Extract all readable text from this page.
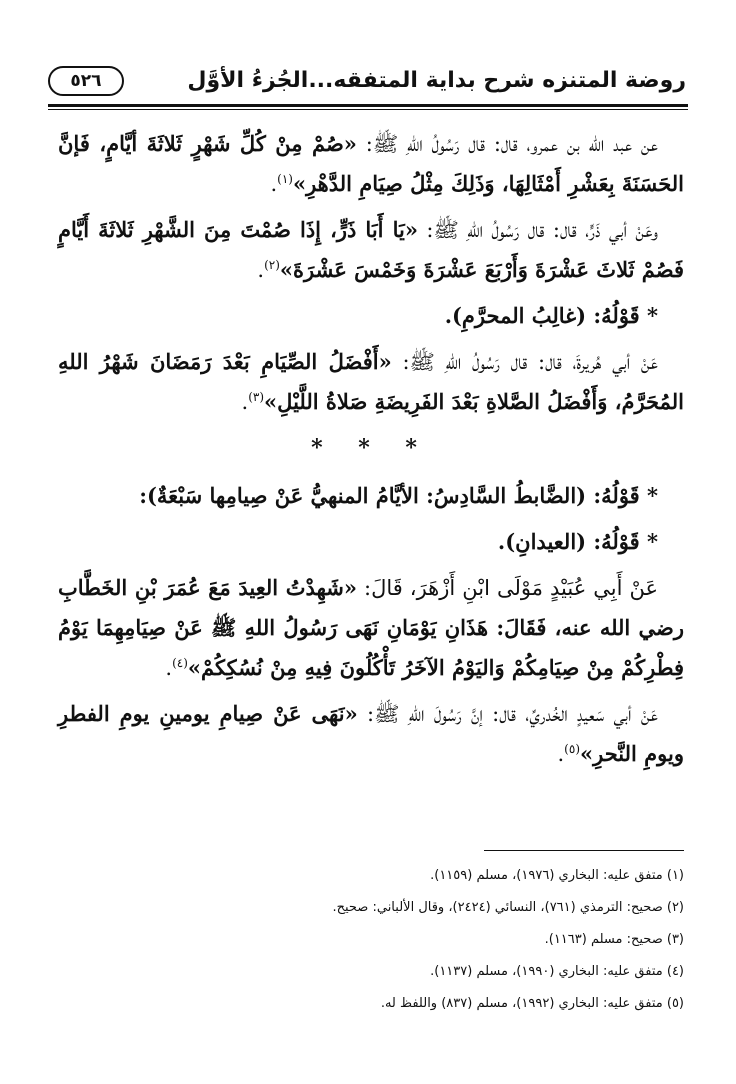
روضة المتنزه شرح بداية المتفقه...الجُزءُ الأوَّل
٥٢٦

عن عبد الله بن عمرو، قال: قال رَسُولُ اللهِ ﷺ: «صُمْ مِنْ كُلِّ شَهْرٍ ثَلاثَةَ أيَّامٍ، فَإنَّ الحَسَنَةَ بِعَشْرِ أَمْثَالِهَا، وَذَلِكَ مِثْلُ صِيَامِ الدَّهْرِ»$^{(١)}$.

وعَنْ أبي ذَرٍّ، قال: قال رَسُولُ اللهِ ﷺ: «يَا أَبَا ذَرٍّ، إِذَا صُمْتَ مِنَ الشَّهْرِ ثَلاثَةَ أَيَّامٍ فَصُمْ ثَلاثَ عَشْرَةَ وَأَرْبَعَ عَشْرَةَ وَخَمْسَ عَشْرَةَ»$^{(٢)}$.

* قَوْلُهُ: (غالِبُ المحرَّمِ).

عَنْ أبي هُريرةَ، قال: قال رَسُولُ اللهِ ﷺ: «أَفْضَلُ الصِّيَامِ بَعْدَ رَمَضَانَ شَهْرُ اللهِ المُحَرَّمُ، وَأَفْضَلُ الصَّلاةِ بَعْدَ الفَرِيضَةِ صَلاةُ اللَّيْلِ»$^{(٣)}$.

* * *

* قَوْلُهُ: (الضَّابطُ السَّادِسُ: الأيَّامُ المنهيُّ عَنْ صِيامِها سَبْعَةٌ):

* قَوْلُهُ: (العيدانِ).

عَنْ أَبِي عُبَيْدٍ مَوْلَى ابْنِ أَزْهَرَ، قَالَ: «شَهِدْتُ العِيدَ مَعَ عُمَرَ بْنِ الخَطَّابِ رضي الله عنه، فَقَالَ: هَذَانِ يَوْمَانِ نَهَى رَسُولُ اللهِ ﷺ عَنْ صِيَامِهِمَا يَوْمُ فِطْرِكُمْ مِنْ صِيَامِكُمْ وَاليَوْمُ الآخَرُ تَأْكُلُونَ فِيهِ مِنْ نُسُكِكُمْ»$^{(٤)}$.

عَنْ أبي سَعيدٍ الخُدريِّ، قال: إنَّ رَسُولَ اللهِ ﷺ: «نَهَى عَنْ صِيامِ يومينِ يومِ الفطرِ ويومِ النَّحرِ»$^{(٥)}$.

(١) متفق عليه: البخاري (١٩٧٦)، مسلم (١١٥٩).

(٢) صحيح: الترمذي (٧٦١)، النسائي (٢٤٢٤)، وقال الألباني: صحيح.

(٣) صحيح: مسلم (١١٦٣).

(٤) متفق عليه: البخاري (١٩٩٠)، مسلم (١١٣٧).

(٥) متفق عليه: البخاري (١٩٩٢)، مسلم (٨٣٧) واللفظ له.
